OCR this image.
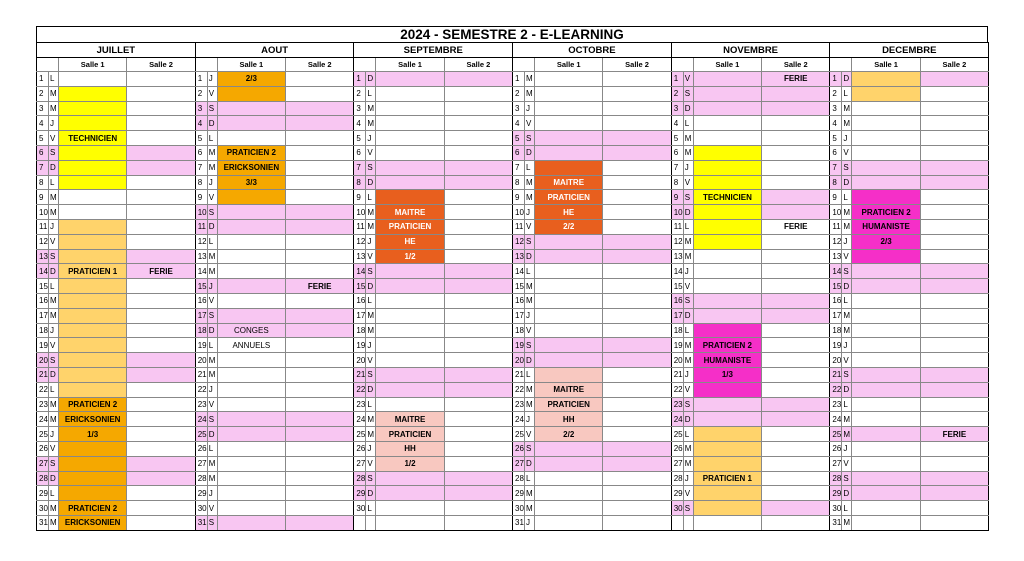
2024 - SEMESTRE 2 - E-LEARNING
JUILLET				AOUT				SEPTEMBRE				OCTOBRE				NOVEMBRE				DECEMBRE			
		Salle 1	Salle 2			Salle 1	Salle 2			Salle 1	Salle 2			Salle 1	Salle 2			Salle 1	Salle 2			Salle 1	Salle 2
1	L			1	J	2/3		1	D			1	M			1	V		FERIE	1	D		
2	M			2	V			2	L			2	M			2	S			2	L		
3	M			3	S			3	M			3	J			3	D			3	M		
4	J			4	D			4	M			4	V			4	L			4	M		
5	V	TECHNICIEN		5	L			5	J			5	S			5	M			5	J		
6	S			6	M	PRATICIEN 2		6	V			6	D			6	M			6	V		
7	D			7	M	ERICKSONIEN		7	S			7	L			7	J			7	S		
8	L			8	J	3/3		8	D			8	M	MAITRE		8	V			8	D		
9	M			9	V			9	L			9	M	PRATICIEN		9	S	TECHNICIEN		9	L		
10	M			10	S			10	M	MAITRE		10	J	HE		10	D			10	M	PRATICIEN 2	
11	J			11	D			11	M	PRATICIEN		11	V	2/2		11	L		FERIE	11	M	HUMANISTE	
12	V			12	L			12	J	HE		12	S			12	M			12	J	2/3	
13	S			13	M			13	V	1/2		13	D			13	M			13	V		
14	D	PRATICIEN 1	FERIE	14	M			14	S			14	L			14	J			14	S		
15	L			15	J		FERIE	15	D			15	M			15	V			15	D		
16	M			16	V			16	L			16	M			16	S			16	L		
17	M			17	S			17	M			17	J			17	D			17	M		
18	J			18	D	CONGES		18	M			18	V			18	L			18	M		
19	V			19	L	ANNUELS		19	J			19	S			19	M	PRATICIEN 2		19	J		
20	S			20	M			20	V			20	D			20	M	HUMANISTE		20	V		
21	D			21	M			21	S			21	L			21	J	1/3		21	S		
22	L			22	J			22	D			22	M	MAITRE		22	V			22	D		
23	M	PRATICIEN 2		23	V			23	L			23	M	PRATICIEN		23	S			23	L		
24	M	ERICKSONIEN		24	S			24	M	MAITRE		24	J	HH		24	D			24	M		
25	J	1/3		25	D			25	M	PRATICIEN		25	V	2/2		25	L			25	M		FERIE
26	V			26	L			26	J	HH		26	S			26	M			26	J		
27	S			27	M			27	V	1/2		27	D			27	M			27	V		
28	D			28	M			28	S			28	L			28	J	PRATICIEN 1		28	S		
29	L			29	J			29	D			29	M			29	V			29	D		
30	M	PRATICIEN 2		30	V			30	L			30	M			30	S			30	L		
31	M	ERICKSONIEN		31	S							31	J							31	M		
